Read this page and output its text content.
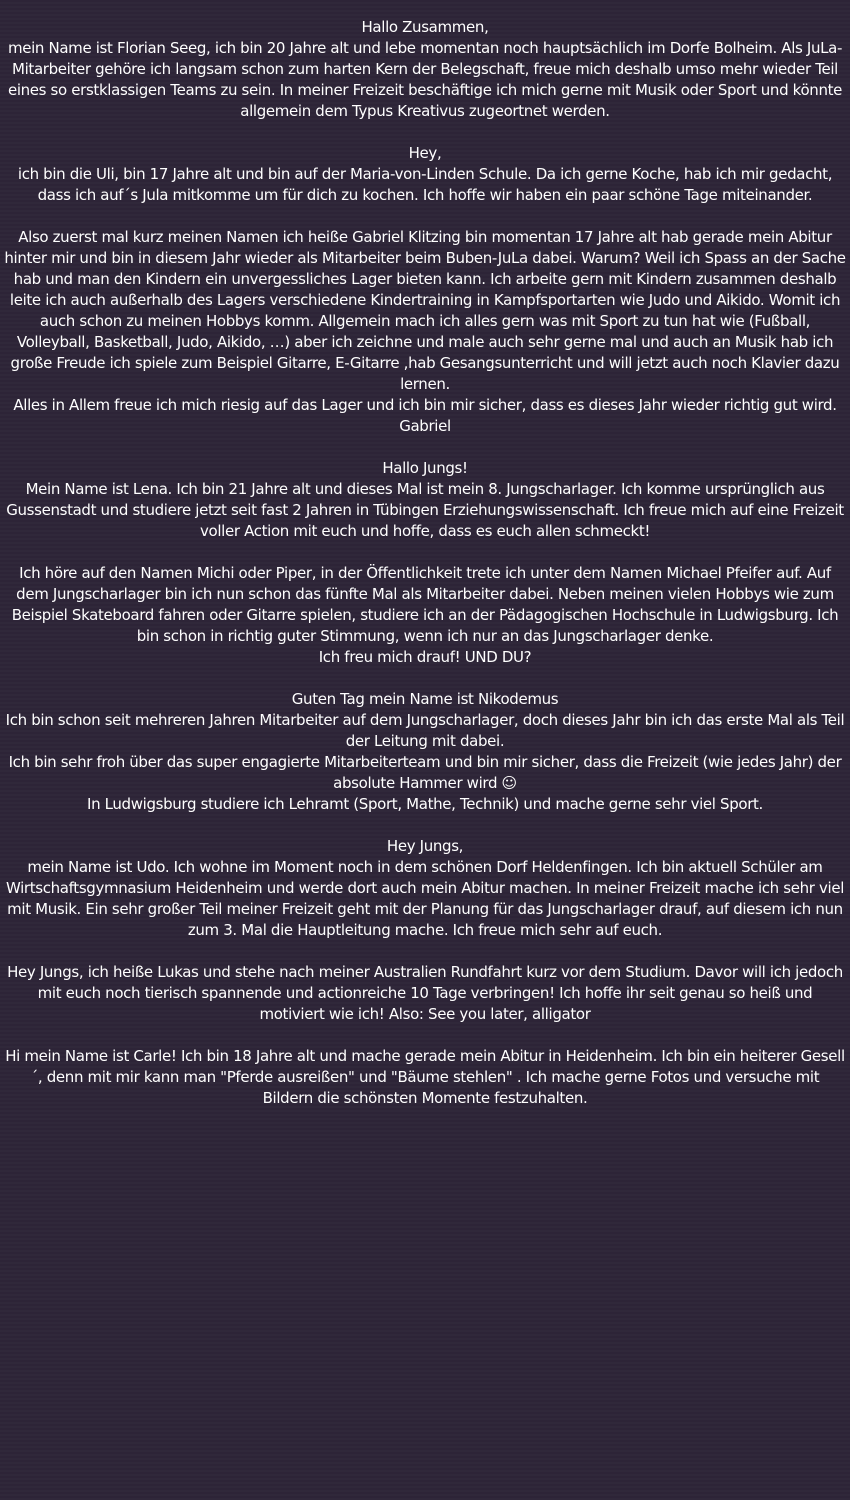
Hallo Zusammen,
mein Name ist Florian Seeg, ich bin 20 Jahre alt und lebe momentan noch hauptsächlich im Dorfe Bolheim. Als JuLa-Mitarbeiter gehöre ich langsam schon zum harten Kern der Belegschaft, freue mich deshalb umso mehr wieder Teil eines so erstklassigen Teams zu sein. In meiner Freizeit beschäftige ich mich gerne mit Musik oder Sport und könnte allgemein dem Typus Kreativus zugeortnet werden.
Hey,
ich bin die Uli, bin 17 Jahre alt und bin auf der Maria-von-Linden Schule. Da ich gerne Koche, hab ich mir gedacht, dass ich auf´s Jula mitkomme um für dich zu kochen. Ich hoffe wir haben ein paar schöne Tage miteinander.
Also zuerst mal kurz meinen Namen ich heiße Gabriel Klitzing bin momentan 17 Jahre alt hab gerade mein Abitur hinter mir und bin in diesem Jahr wieder als Mitarbeiter beim Buben-JuLa dabei. Warum? Weil ich Spass an der Sache hab und man den Kindern ein unvergessliches Lager bieten kann. Ich arbeite gern mit Kindern zusammen deshalb leite ich auch außerhalb des Lagers verschiedene Kindertraining in Kampfsportarten wie Judo und Aikido. Womit ich auch schon zu meinen Hobbys komm. Allgemein mach ich alles gern was mit Sport zu tun hat wie (Fußball, Volleyball, Basketball, Judo, Aikido, …) aber ich zeichne und male auch sehr gerne mal und auch an Musik hab ich große Freude ich spiele zum Beispiel Gitarre, E-Gitarre ,hab Gesangsunterricht und will jetzt auch noch Klavier dazu lernen.
Alles in Allem freue ich mich riesig auf das Lager und ich bin mir sicher, dass es dieses Jahr wieder richtig gut wird.
Gabriel
Hallo Jungs!
Mein Name ist Lena. Ich bin 21 Jahre alt und dieses Mal ist mein 8. Jungscharlager. Ich komme ursprünglich aus Gussenstadt und studiere jetzt seit fast 2 Jahren in Tübingen Erziehungswissenschaft. Ich freue mich auf eine Freizeit voller Action mit euch und hoffe, dass es euch allen schmeckt!
Ich höre auf den Namen Michi oder Piper, in der Öffentlichkeit trete ich unter dem Namen Michael Pfeifer auf. Auf dem Jungscharlager bin ich nun schon das fünfte Mal als Mitarbeiter dabei. Neben meinen vielen Hobbys wie zum Beispiel Skateboard fahren oder Gitarre spielen, studiere ich an der Pädagogischen Hochschule in Ludwigsburg. Ich bin schon in richtig guter Stimmung, wenn ich nur an das Jungscharlager denke.
Ich freu mich drauf! UND DU?
Guten Tag mein Name ist Nikodemus
Ich bin schon seit mehreren Jahren Mitarbeiter auf dem Jungscharlager, doch dieses Jahr bin ich das erste Mal als Teil der Leitung mit dabei.
Ich bin sehr froh über das super engagierte Mitarbeiterteam und bin mir sicher, dass die Freizeit (wie jedes Jahr) der absolute Hammer wird ☺
In Ludwigsburg studiere ich Lehramt (Sport, Mathe, Technik) und mache gerne sehr viel Sport.
Hey Jungs,
mein Name ist Udo. Ich wohne im Moment noch in dem schönen Dorf Heldenfingen. Ich bin aktuell Schüler am Wirtschaftsgymnasium Heidenheim und werde dort auch mein Abitur machen. In meiner Freizeit mache ich sehr viel mit Musik. Ein sehr großer Teil meiner Freizeit geht mit der Planung für das Jungscharlager drauf, auf diesem ich nun zum 3. Mal die Hauptleitung mache. Ich freue mich sehr auf euch.
Hey Jungs, ich heiße Lukas und stehe nach meiner Australien Rundfahrt kurz vor dem Studium. Davor will ich jedoch mit euch noch tierisch spannende und actionreiche 10 Tage verbringen! Ich hoffe ihr seit genau so heiß und motiviert wie ich! Also: See you later, alligator
Hi mein Name ist Carle! Ich bin 18 Jahre alt und mache gerade mein Abitur in Heidenheim. Ich bin ein heiterer Gesell´, denn mit mir kann man "Pferde ausreißen" und "Bäume stehlen" . Ich mache gerne Fotos und versuche mit Bildern die schönsten Momente festzuhalten.
